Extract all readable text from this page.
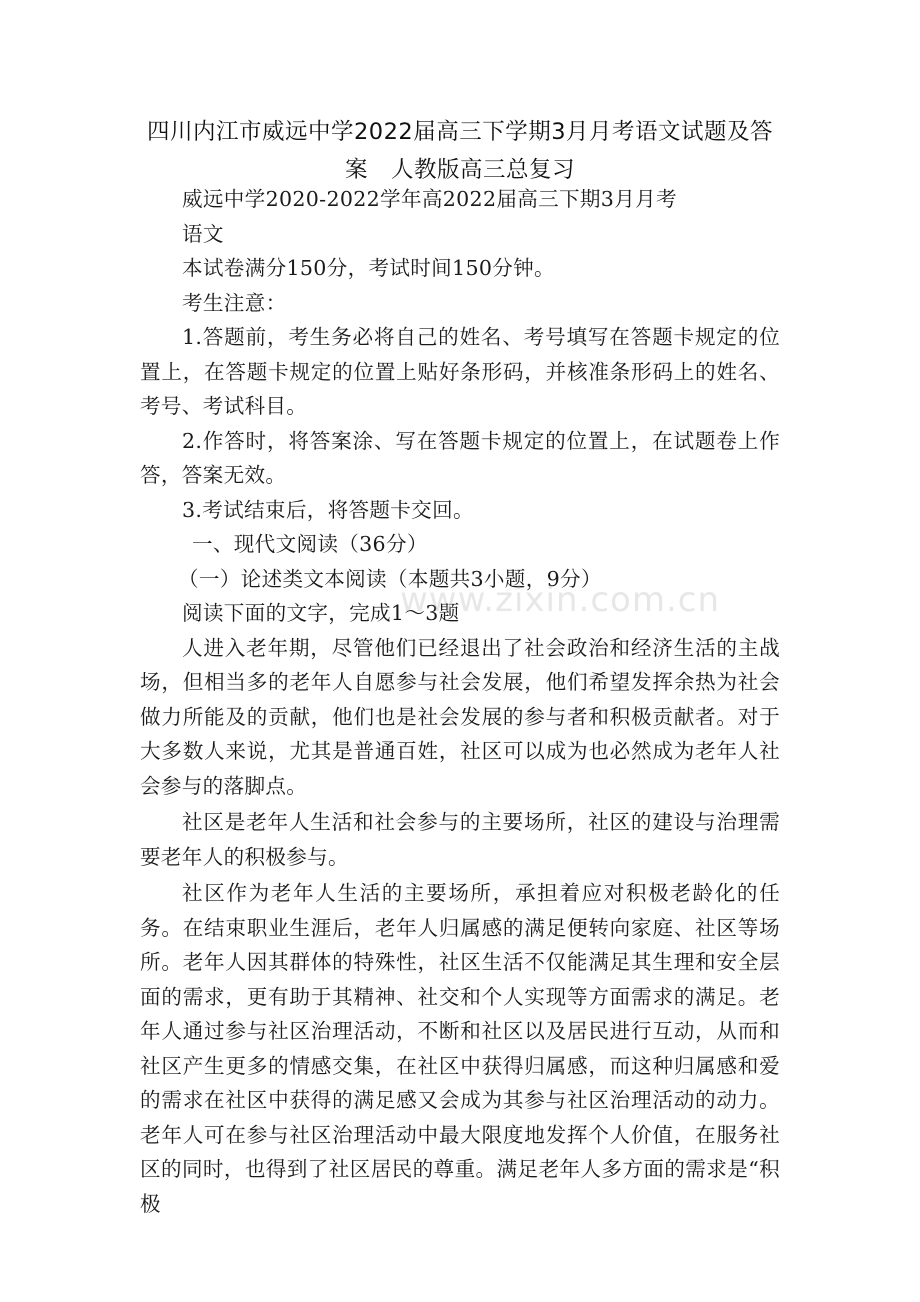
四川内江市威远中学2022届高三下学期3月月考语文试题及答案　人教版高三总复习

威远中学2020-2022学年高2022届高三下期3月月考

语文

本试卷满分150分，考试时间150分钟。

考生注意：

1.答题前，考生务必将自己的姓名、考号填写在答题卡规定的位置上，在答题卡规定的位置上贴好条形码，并核准条形码上的姓名、考号、考试科目。

2.作答时，将答案涂、写在答题卡规定的位置上，在试题卷上作答，答案无效。

3.考试结束后，将答题卡交回。

一、现代文阅读（36分）

（一）论述类文本阅读（本题共3小题，9分）

阅读下面的文字，完成1～3题

人进入老年期，尽管他们已经退出了社会政治和经济生活的主战场，但相当多的老年人自愿参与社会发展，他们希望发挥余热为社会做力所能及的贡献，他们也是社会发展的参与者和积极贡献者。对于大多数人来说，尤其是普通百姓，社区可以成为也必然成为老年人社会参与的落脚点。

社区是老年人生活和社会参与的主要场所，社区的建设与治理需要老年人的积极参与。

社区作为老年人生活的主要场所，承担着应对积极老龄化的任务。在结束职业生涯后，老年人归属感的满足便转向家庭、社区等场所。老年人因其群体的特殊性，社区生活不仅能满足其生理和安全层面的需求，更有助于其精神、社交和个人实现等方面需求的满足。老年人通过参与社区治理活动，不断和社区以及居民进行互动，从而和社区产生更多的情感交集，在社区中获得归属感，而这种归属感和爱的需求在社区中获得的满足感又会成为其参与社区治理活动的动力。老年人可在参与社区治理活动中最大限度地发挥个人价值，在服务社区的同时，也得到了社区居民的尊重。满足老年人多方面的需求是“积极

www.zixin.com.cn
